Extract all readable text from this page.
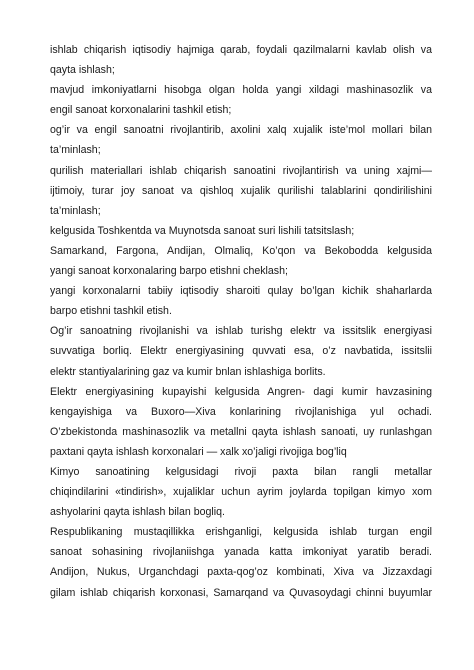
ishlab chiqarish iqtisodiy hajmiga qarab, foydali qazilmalarni kavlab olish va
qayta ishlash;
mavjud imkoniyatlarni hisobga olgan holda yangi xildagi mashinasozlik va
engil sanoat korxonalarini tashkil etish;
og’ir va engil sanoatni rivojlantirib, axolini xalq xujalik iste’mol mollari bilan
ta’minlash;
qurilish materiallari ishlab chiqarish sanoatini rivojlantirish va uning xajmi—
ijtimoiy, turar joy sanoat va qishloq xujalik qurilishi talablarini qondirilishini
ta’minlash;
kelgusida Toshkentda va Muynotsda sanoat suri lishili tatsitslash;
Samarkand, Fargona, Andijan, Olmaliq, Ko’qon va Bekobodda kelgusida
yangi sanoat korxonalaring barpo etishni cheklash;
yangi korxonalarni tabiiy iqtisodiy sharoiti qulay bo’lgan kichik shaharlarda
barpo etishni tashkil etish.
Og’ir sanoatning rivojlanishi va ishlab turishg elektr va issitslik energiyasi
suvvatiga borliq. Elektr energiyasining quvvati esa, o’z navbatida, issitslii
elektr stantiyalarining gaz va kumir bnlan ishlashiga borlits.
Elektr energiyasining kupayishi kelgusida Angren- dagi kumir havzasining
kengayishiga va Buxoro—Xiva konlarining rivojlanishiga yul ochadi.
O’zbekistonda mashinasozlik va metallni qayta ishlash sanoati, uy runlashgan
paxtani qayta ishlash korxonalari — xalk xo’jaligi rivojiga bog’liq
Kimyo sanoatining kelgusidagi rivoji paxta bilan rangli metallar
chiqindilarini «tindirish», xujaliklar uchun ayrim joylarda topilgan kimyo xom
ashyolarini qayta ishlash bilan bogliq.
Respublikaning mustaqillikka erishganligi, kelgusida ishlab turgan engil
sanoat sohasining rivojlaniishga yanada katta imkoniyat yaratib beradi.
Andijon, Nukus, Urganchdagi paxta-qog’oz kombinati, Xiva va Jizzaxdagi
gilam ishlab chiqarish korxonasi, Samarqand va Quvasoydagi chinni buyumlar
